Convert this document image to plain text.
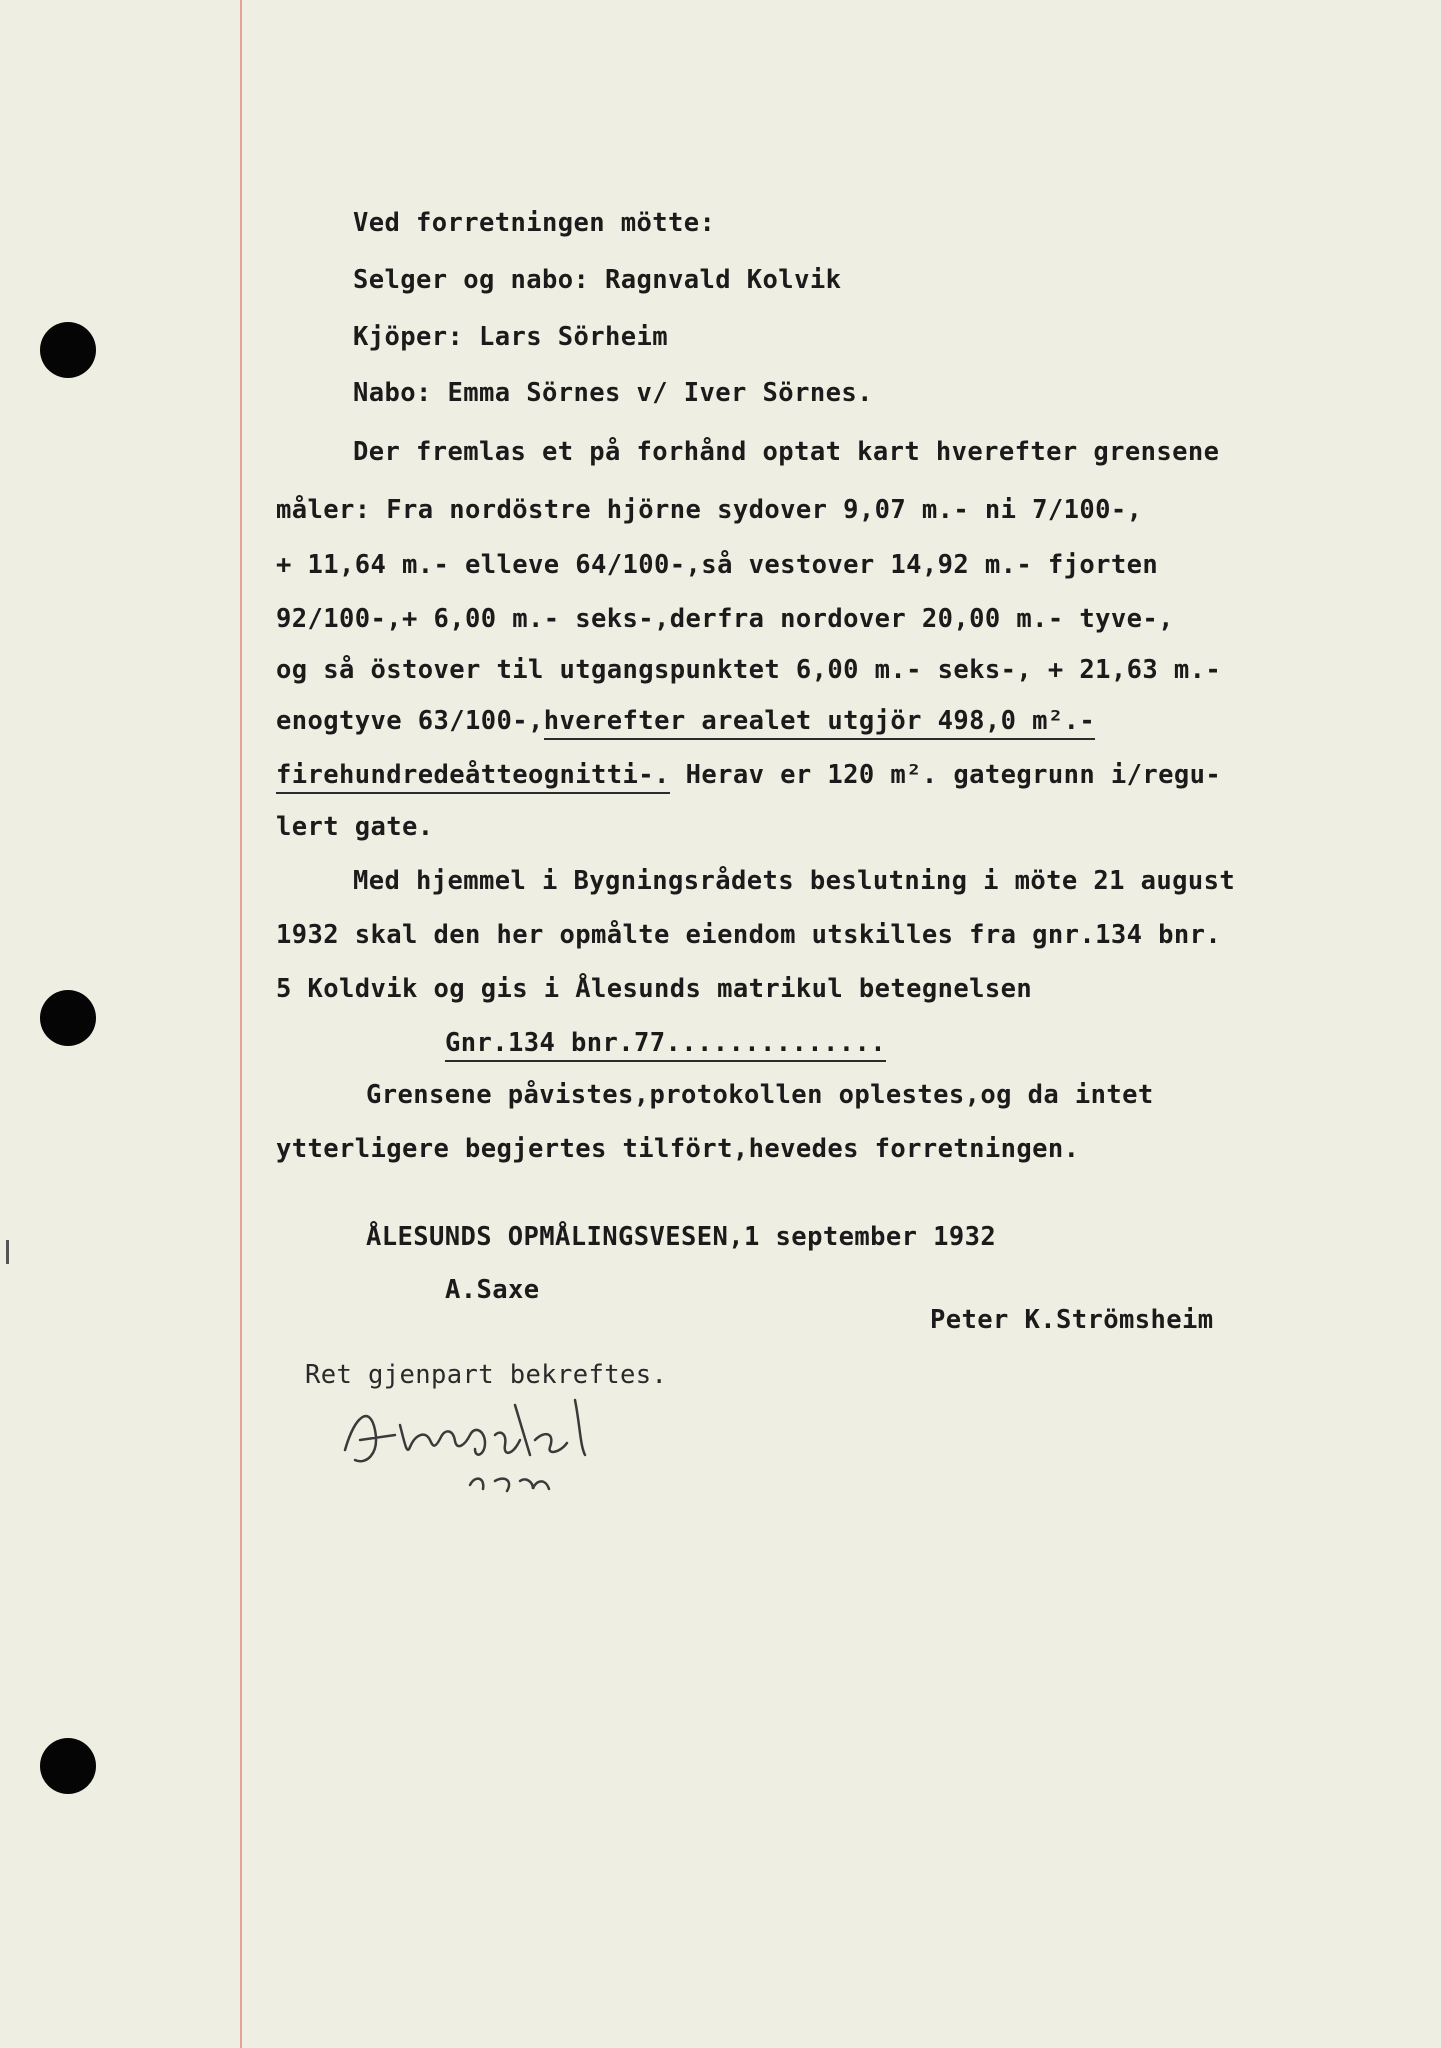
Ved forretningen mötte:
Selger og nabo: Ragnvald Kolvik
Kjöper: Lars Sörheim
Nabo: Emma Sörnes v/ Iver Sörnes.
Der fremlas et på forhånd optat kart hverefter grensene
måler: Fra nordöstre hjörne sydover 9,07 m.- ni 7/100-,
+ 11,64 m.- elleve 64/100-,så vestover 14,92 m.- fjorten
92/100-,+ 6,00 m.- seks-,derfra nordover 20,00 m.- tyve-,
og så östover til utgangspunktet 6,00 m.- seks-, + 21,63 m.-
enogtyve 63/100-,hverefter arealet utgjör 498,0 m².-
firehundredeåtteognitti-. Herav er 120 m². gategrunn i/regu-
lert gate.
Med hjemmel i Bygningsrådets beslutning i möte 21 august
1932 skal den her opmålte eiendom utskilles fra gnr.134 bnr.
5 Koldvik og gis i Ålesunds matrikul betegnelsen
Gnr.134 bnr.77..............
Grensene påvistes,protokollen oplestes,og da intet
ytterligere begjertes tilfört,hevedes forretningen.
ÅLESUNDS OPMÅLINGSVESEN,1 september 1932
A.Saxe
Peter K.Strömsheim
Ret gjenpart bekreftes.
